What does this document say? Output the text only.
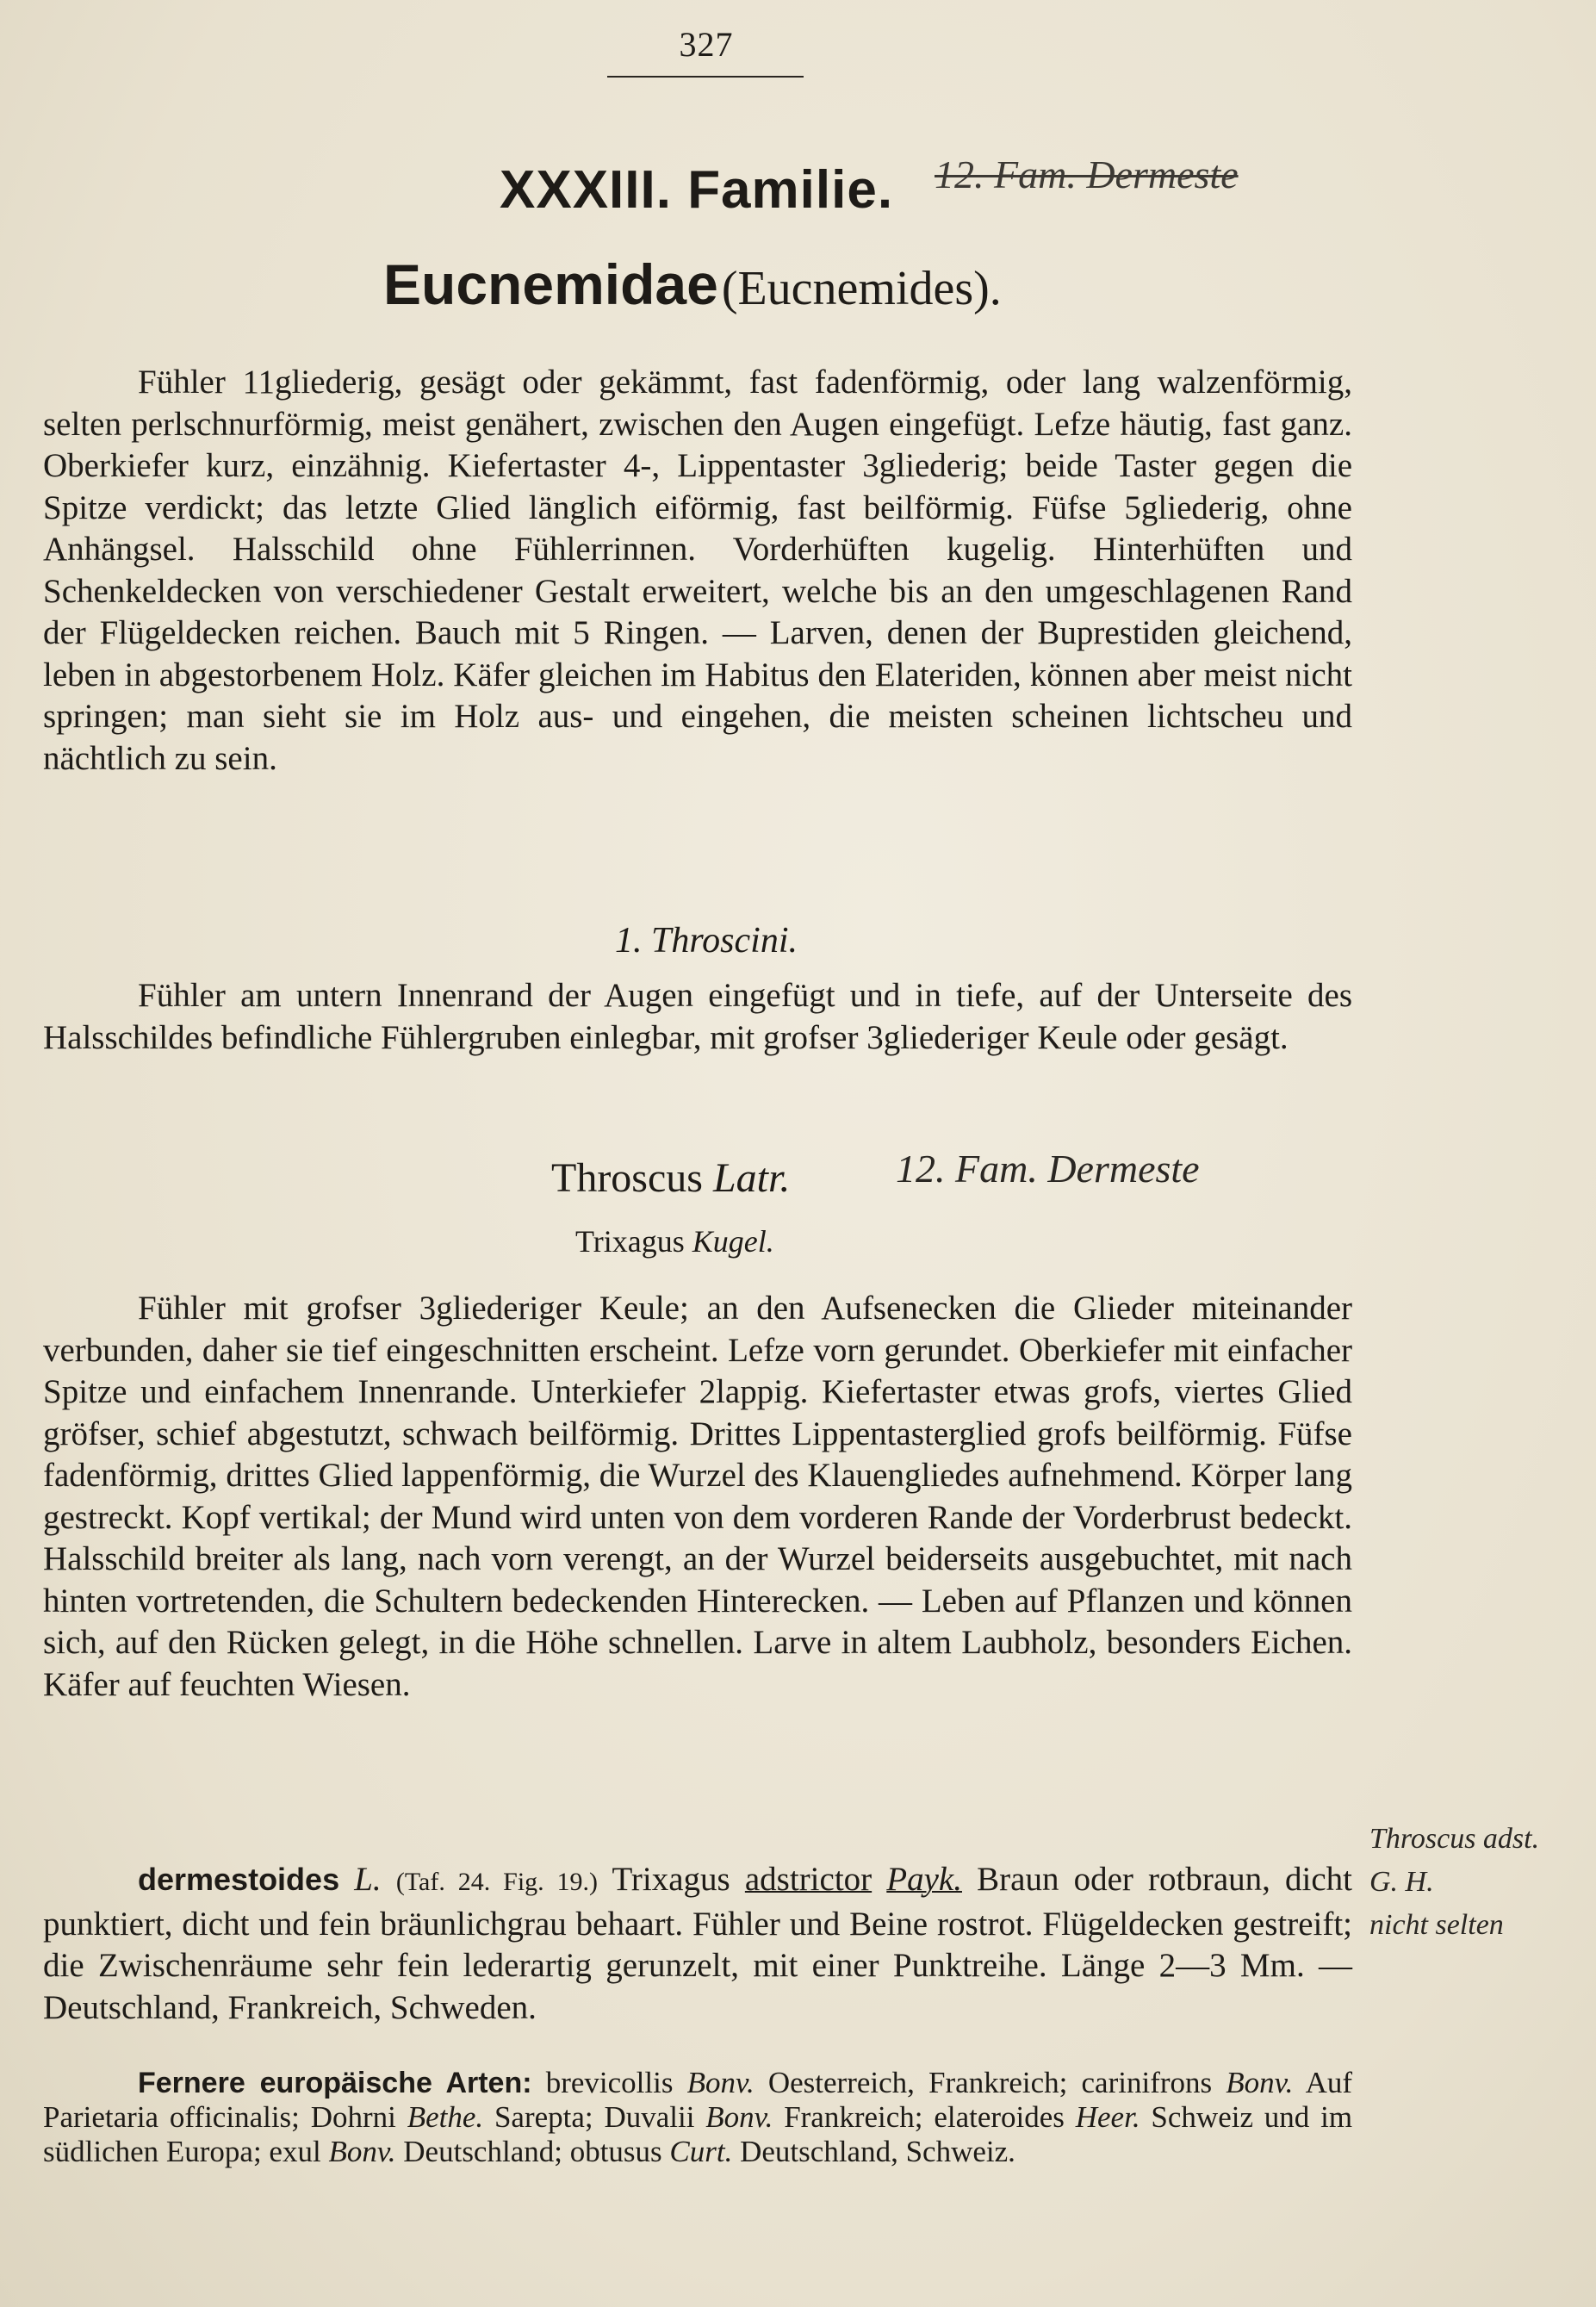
327
XXXIII. Familie. 12. Fam. Dermeste
Eucnemidae (Eucnemides).

Fühler 11gliederig, gesägt oder gekämmt, fast fadenförmig, oder lang walzenförmig, selten perlschnurförmig, meist genähert, zwischen den Augen eingefügt. Lefze häutig, fast ganz. Oberkiefer kurz, einzähnig. Kiefertaster 4-, Lippentaster 3gliederig; beide Taster gegen die Spitze verdickt; das letzte Glied länglich eiförmig, fast beilförmig. Füfse 5gliederig, ohne Anhängsel. Halsschild ohne Fühlerrinnen. Vorderhüften kugelig. Hinterhüften und Schenkeldecken von verschiedener Gestalt erweitert, welche bis an den umgeschlagenen Rand der Flügeldecken reichen. Bauch mit 5 Ringen. — Larven, denen der Buprestiden gleichend, leben in abgestorbenem Holz. Käfer gleichen im Habitus den Elateriden, können aber meist nicht springen; man sieht sie im Holz aus- und eingehen, die meisten scheinen lichtscheu und nächtlich zu sein.

1. Throscini.

Fühler am untern Innenrand der Augen eingefügt und in tiefe, auf der Unterseite des Halsschildes befindliche Fühlergruben einlegbar, mit grofser 3gliederiger Keule oder gesägt.

Throscus Latr.	12. Fam. Dermeste
Trixagus Kugel.

Fühler mit grofser 3gliederiger Keule; an den Aufsenecken die Glieder miteinander verbunden, daher sie tief eingeschnitten erscheint. Lefze vorn gerundet. Oberkiefer mit einfacher Spitze und einfachem Innenrande. Unterkiefer 2lappig. Kiefertaster etwas grofs, viertes Glied gröfser, schief abgestutzt, schwach beilförmig. Drittes Lippentasterglied grofs beilförmig. Füfse fadenförmig, drittes Glied lappenförmig, die Wurzel des Klauengliedes aufnehmend. Körper lang gestreckt. Kopf vertikal; der Mund wird unten von dem vorderen Rande der Vorderbrust bedeckt. Halsschild breiter als lang, nach vorn verengt, an der Wurzel beiderseits ausgebuchtet, mit nach hinten vortretenden, die Schultern bedeckenden Hinterecken. — Leben auf Pflanzen und können sich, auf den Rücken gelegt, in die Höhe schnellen. Larve in altem Laubholz, besonders Eichen. Käfer auf feuchten Wiesen.

dermestoides L. (Taf. 24. Fig. 19.) Trixagus adstrictor Payk. Braun oder rotbraun, dicht punktiert, dicht und fein bräunlichgrau behaart. Fühler und Beine rostrot. Flügeldecken gestreift; die Zwischenräume sehr fein lederartig gerunzelt, mit einer Punktreihe. Länge 2—3 Mm. — Deutschland, Frankreich, Schweden.

Throscus adst.
G. H.
nicht selten

Fernere europäische Arten: brevicollis Bonv. Oesterreich, Frankreich; carinifrons Bonv. Auf Parietaria officinalis; Dohrni Bethe. Sarepta; Duvalii Bonv. Frankreich; elateroides Heer. Schweiz und im südlichen Europa; exul Bonv. Deutschland; obtusus Curt. Deutschland, Schweiz.
